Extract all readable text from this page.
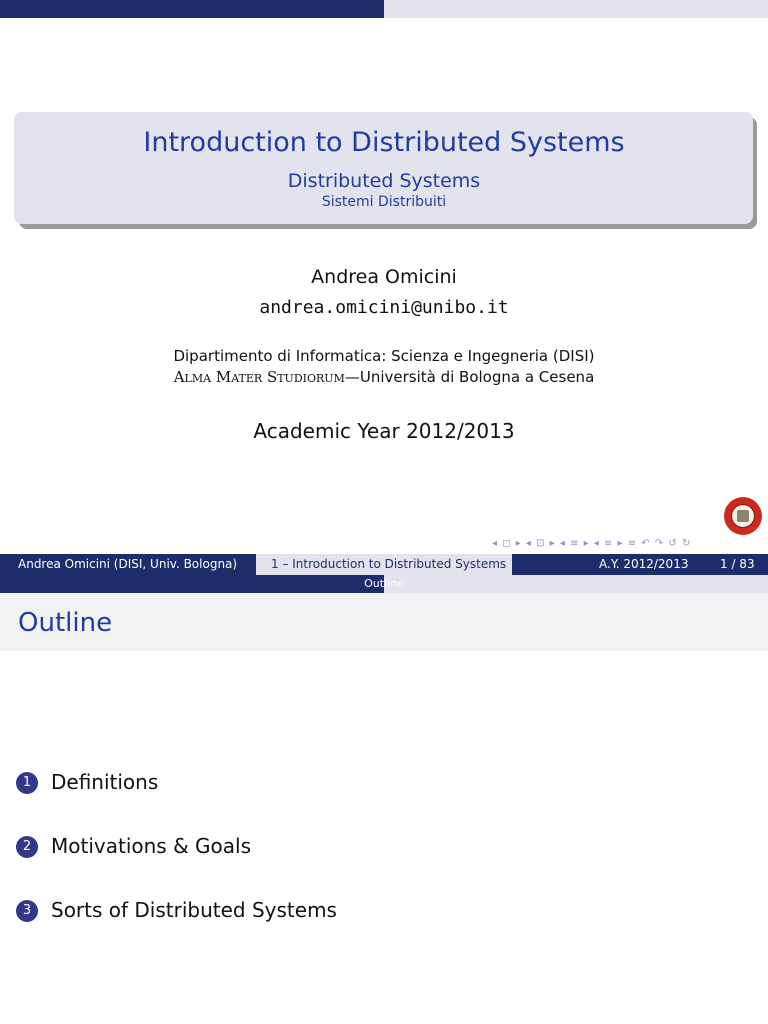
Introduction to Distributed Systems
Distributed Systems
Sistemi Distribuiti
Andrea Omicini
andrea.omicini@unibo.it
Dipartimento di Informatica: Scienza e Ingegneria (DISI)
Alma Mater Studiorum—Università di Bologna a Cesena
Academic Year 2012/2013
◂ ◻ ▸ ◂ ⊡ ▸ ◂ ≡ ▸ ◂ ≡ ▸ ≡ ↶ ↷ ↺ ↻
Andrea Omicini (DISI, Univ. Bologna)	1 – Introduction to Distributed Systems	A.Y. 2012/2013	1 / 83
Outline
Outline
1 Definitions
2 Motivations & Goals
3 Sorts of Distributed Systems
